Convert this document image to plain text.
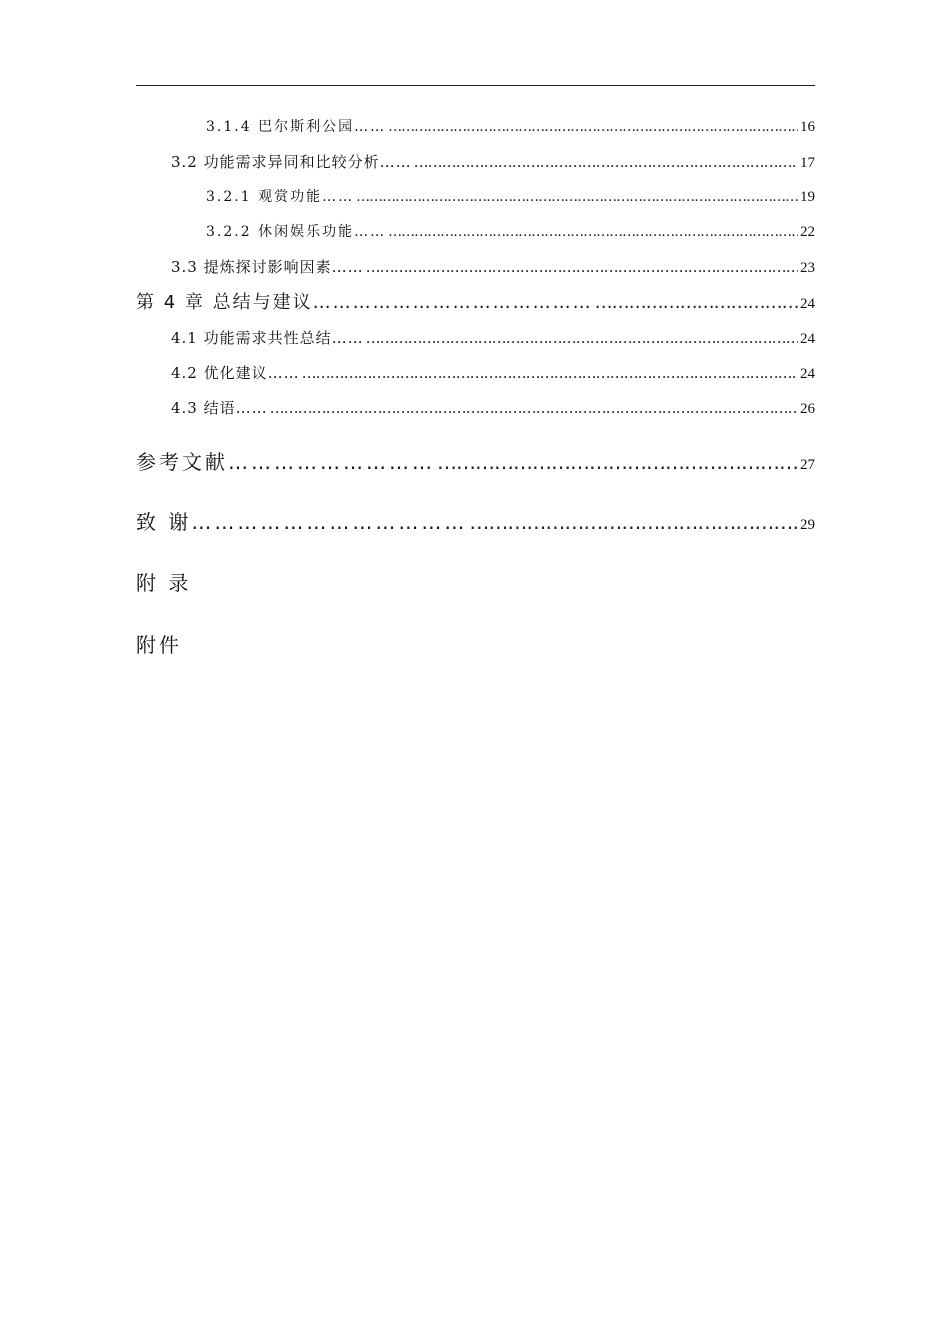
3.1.4 巴尔斯利公园…… ……………………………………………………………………………………………………………………………………………………………………………………	16
3.2 功能需求异同和比较分析…… ……………………………………………………………………………………………………………………………………………………………………………………	17
3.2.1 观赏功能…… ……………………………………………………………………………………………………………………………………………………………………………………	19
3.2.2 休闲娱乐功能…… ……………………………………………………………………………………………………………………………………………………………………………………	22
3.3 提炼探讨影响因素…… ……………………………………………………………………………………………………………………………………………………………………………………	23
第 4 章 总结与建议…………………………………… ……………………………………………………………………………………………………………………………………………………………………………………	24
4.1 功能需求共性总结…… ……………………………………………………………………………………………………………………………………………………………………………………	24
4.2 优化建议…… ……………………………………………………………………………………………………………………………………………………………………………………	24
4.3 结语…… ……………………………………………………………………………………………………………………………………………………………………………………	26
参考文献……………………… ……………………………………………………………………………………………………………………………………………………………………………………	27
致 谢……………………………… ……………………………………………………………………………………………………………………………………………………………………………………	29
附 录
附件
